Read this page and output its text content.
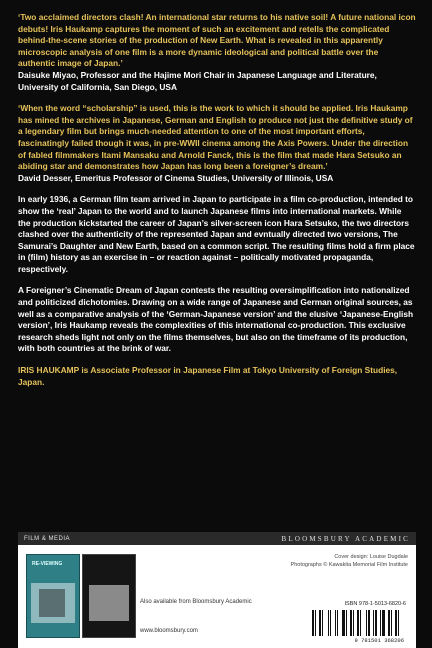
‘Two acclaimed directors clash! An international star returns to his native soil! A future national icon debuts! Iris Haukamp captures the moment of such an excitement and retells the complicated behind-the-scene stories of the production of New Earth. What is revealed in this apparently microscopic analysis of one film is a more dynamic ideological and political battle over the authentic image of Japan.’

Daisuke Miyao, Professor and the Hajime Mori Chair in Japanese Language and Literature, University of California, San Diego, USA

‘When the word “scholarship” is used, this is the work to which it should be applied. Iris Haukamp has mined the archives in Japanese, German and English to produce not just the definitive study of a legendary film but brings much-needed attention to one of the most important efforts, fascinatingly failed though it was, in pre-WWII cinema among the Axis Powers. Under the direction of fabled filmmakers Itami Mansaku and Arnold Fanck, this is the film that made Hara Setsuko an abiding star and demonstrates how Japan has long been a foreigner’s dream.’

David Desser, Emeritus Professor of Cinema Studies, University of Illinois, USA

In early 1936, a German film team arrived in Japan to participate in a film co-production, intended to show the ‘real’ Japan to the world and to launch Japanese films into international markets. While the production kickstarted the career of Japan’s silver-screen icon Hara Setsuko, the two directors clashed over the authenticity of the represented Japan and evntually directed two versions, The Samurai’s Daughter and New Earth, based on a common script. The resulting films hold a firm place in (film) history as an exercise in – or reaction against – politically motivated propaganda, respectively.

A Foreigner’s Cinematic Dream of Japan contests the resulting oversimplification into nationalized and politicized dichotomies. Drawing on a wide range of Japanese and German original sources, as well as a comparative analysis of the ‘German-Japanese version’ and the elusive ‘Japanese-English version’, Iris Haukamp reveals the complexities of this international co-production. This exclusive research sheds light not only on the films themselves, but also on the timeframe of its production, with both countries at the brink of war.

IRIS HAUKAMP is Associate Professor in Japanese Film at Tokyo University of Foreign Studies, Japan.

FILM & MEDIA	BLOOMSBURY ACADEMIC
RE-VIEWING
Also available from Bloomsbury Academic
www.bloomsbury.com
Cover design: Louise Dugdale
Photographs © Kawakita Memorial Film Institute
ISBN 978-1-5013-6820-6
9 781501 368206
